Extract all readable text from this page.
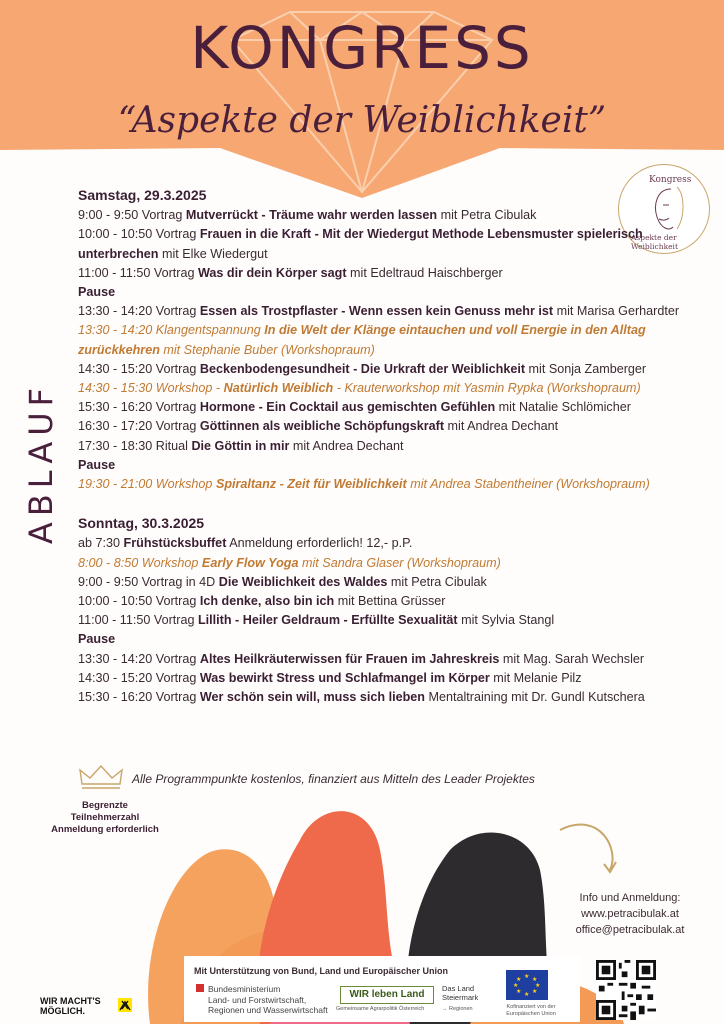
KONGRESS
“Aspekte der Weiblichkeit”
Kongress
Aspekte der Weiblichkeit
ABLAUF
Samstag, 29.3.2025
9:00 - 9:50 Vortrag Mutverrückt - Träume wahr werden lassen mit Petra Cibulak
10:00 - 10:50 Vortrag Frauen in die Kraft - Mit der Wiedergut Methode Lebensmuster spielerisch unterbrechen mit Elke Wiedergut
11:00 - 11:50 Vortrag Was dir dein Körper sagt mit Edeltraud Haischberger
Pause
13:30 - 14:20 Vortrag Essen als Trostpflaster - Wenn essen kein Genuss mehr ist mit Marisa Gerhardter
13:30 - 14:20 Klangentspannung In die Welt der Klänge eintauchen und voll Energie in den Alltag zurückkehren mit Stephanie Buber (Workshopraum)
14:30 - 15:20 Vortrag Beckenbodengesundheit - Die Urkraft der Weiblichkeit mit Sonja Zamberger
14:30 - 15:30 Workshop - Natürlich Weiblich - Krauterworkshop mit Yasmin Rypka (Workshopraum)
15:30 - 16:20 Vortrag Hormone - Ein Cocktail aus gemischten Gefühlen mit Natalie Schlömicher
16:30 - 17:20 Vortrag Göttinnen als weibliche Schöpfungskraft mit Andrea Dechant
17:30 - 18:30 Ritual Die Göttin in mir mit Andrea Dechant
Pause
19:30 - 21:00 Workshop Spiraltanz - Zeit für Weiblichkeit mit Andrea Stabentheiner (Workshopraum)
Sonntag, 30.3.2025
ab 7:30 Frühstücksbuffet Anmeldung erforderlich! 12,- p.P.
8:00 - 8:50 Workshop Early Flow Yoga mit Sandra Glaser (Workshopraum)
9:00 - 9:50 Vortrag in 4D Die Weiblichkeit des Waldes mit Petra Cibulak
10:00 - 10:50 Vortrag Ich denke, also bin ich mit Bettina Grüsser
11:00 - 11:50 Vortrag Lillith - Heiler Geldraum - Erfüllte Sexualität mit Sylvia Stangl
Pause
13:30 - 14:20 Vortrag Altes Heilkräuterwissen für Frauen im Jahreskreis mit Mag. Sarah Wechsler
14:30 - 15:20 Vortrag Was bewirkt Stress und Schlafmangel im Körper mit Melanie Pilz
15:30 - 16:20 Vortrag Wer schön sein will, muss sich lieben Mentaltraining mit Dr. Gundl Kutschera
Alle Programmpunkte kostenlos, finanziert aus Mitteln des Leader Projektes
Begrenzte
Teilnehmerzahl
Anmeldung erforderlich
Info und Anmeldung:
www.petracibulak.at
office@petracibulak.at
Mit Unterstützung von Bund, Land und Europäischer Union
Bundesministerium
Land- und Forstwirtschaft,
Regionen und Wasserwirtschaft
WIR leben Land
Gemeinsame Agrarpolitik Österreich
Das Land
Steiermark
→ Regionen
★ ★
★
★
★
★
★
★
Kofinanziert von der Europäischen Union
WIR MACHT'S
MÖGLICH.
